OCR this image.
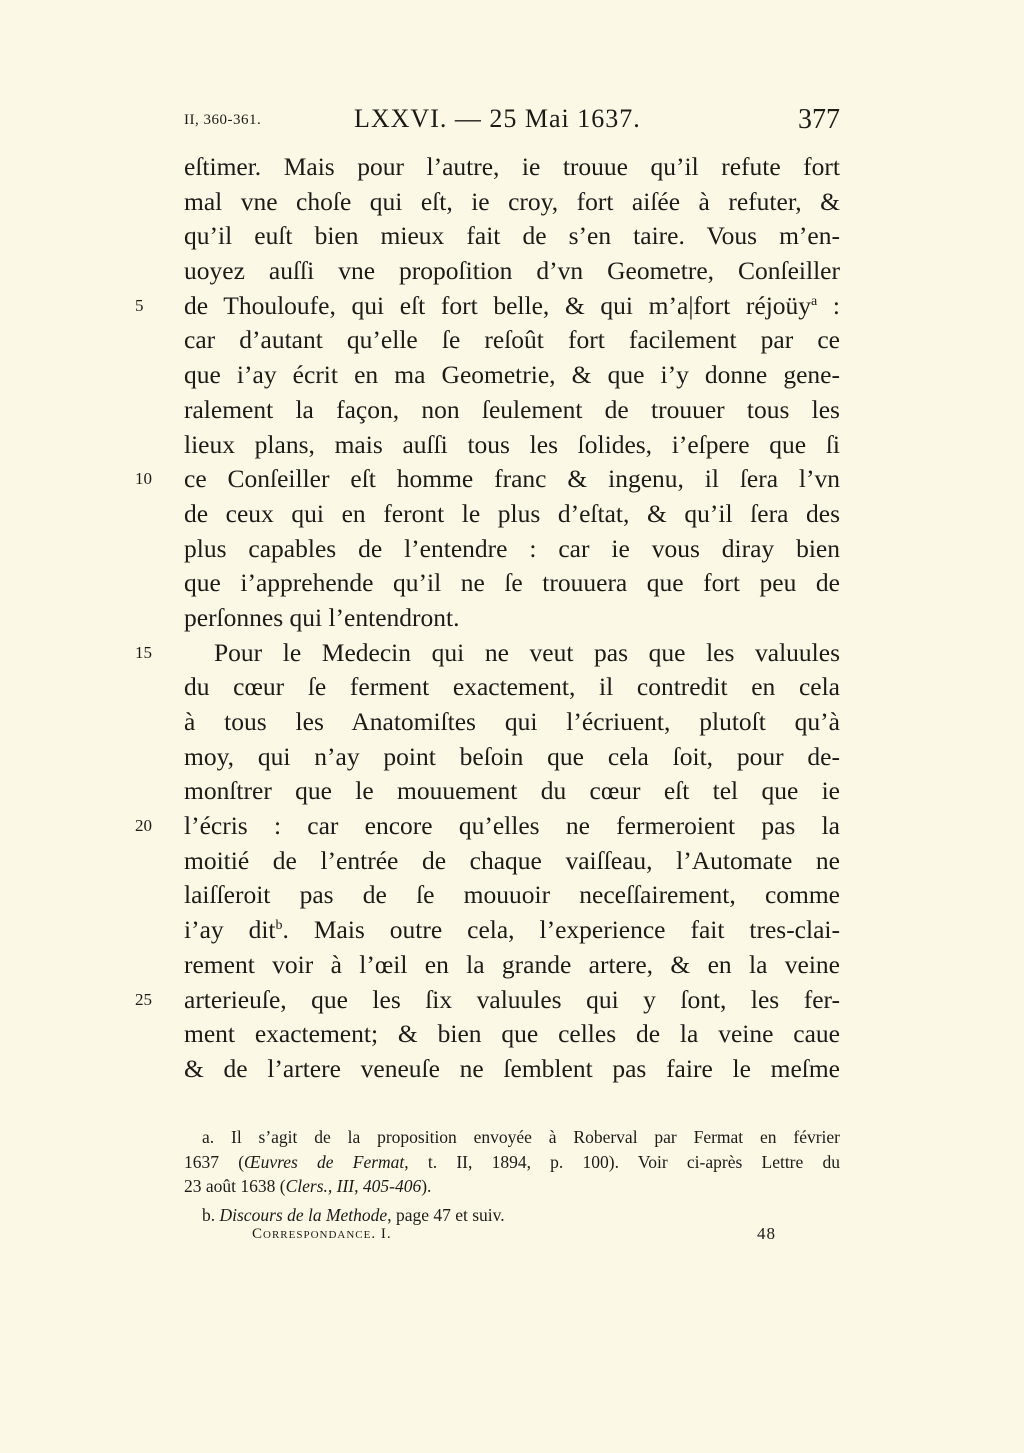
II, 360-361.	LXXVI. — 25 Mai 1637.	377
eſtimer. Mais pour l’autre, ie trouue qu’il refute fort
mal vne choſe qui eſt, ie croy, fort aiſée à refuter, &
qu’il euſt bien mieux fait de s’en taire. Vous m’en-
uoyez auſſi vne propoſition d’vn Geometre, Conſeiller
5	de Thouloufe, qui eſt fort belle, & qui m’a|fort réjoüy$^a$ :
car d’autant qu’elle ſe reſoût fort facilement par ce
que i’ay écrit en ma Geometrie, & que i’y donne gene-
ralement la façon, non ſeulement de trouuer tous les
lieux plans, mais auſſi tous les ſolides, i’eſpere que ſi
10	ce Conſeiller eſt homme franc & ingenu, il ſera l’vn
de ceux qui en feront le plus d’eſtat, & qu’il ſera des
plus capables de l’entendre : car ie vous diray bien
que i’apprehende qu’il ne ſe trouuera que fort peu de
perſonnes qui l’entendront.
15	Pour le Medecin qui ne veut pas que les valuules
du cœur ſe ferment exactement, il contredit en cela
à tous les Anatomiſtes qui l’écriuent, plutoſt qu’à
moy, qui n’ay point beſoin que cela ſoit, pour de-
monſtrer que le mouuement du cœur eſt tel que ie
20	l’écris : car encore qu’elles ne fermeroient pas la
moitié de l’entrée de chaque vaiſſeau, l’Automate ne
laiſſeroit pas de ſe mouuoir neceſſairement, comme
i’ay dit$^b$. Mais outre cela, l’experience fait tres-clai-
rement voir à l’œil en la grande artere, & en la veine
25	arterieuſe, que les ſix valuules qui y ſont, les fer-
ment exactement; & bien que celles de la veine caue
& de l’artere veneuſe ne ſemblent pas faire le meſme
a. Il s’agit de la proposition envoyée à Roberval par Fermat en février
1637 (Œuvres de Fermat, t. II, 1894, p. 100). Voir ci-après Lettre du
23 août 1638 (Clers., III, 405-406).
b. Discours de la Methode, page 47 et suiv.
Correspondance. I.	48
